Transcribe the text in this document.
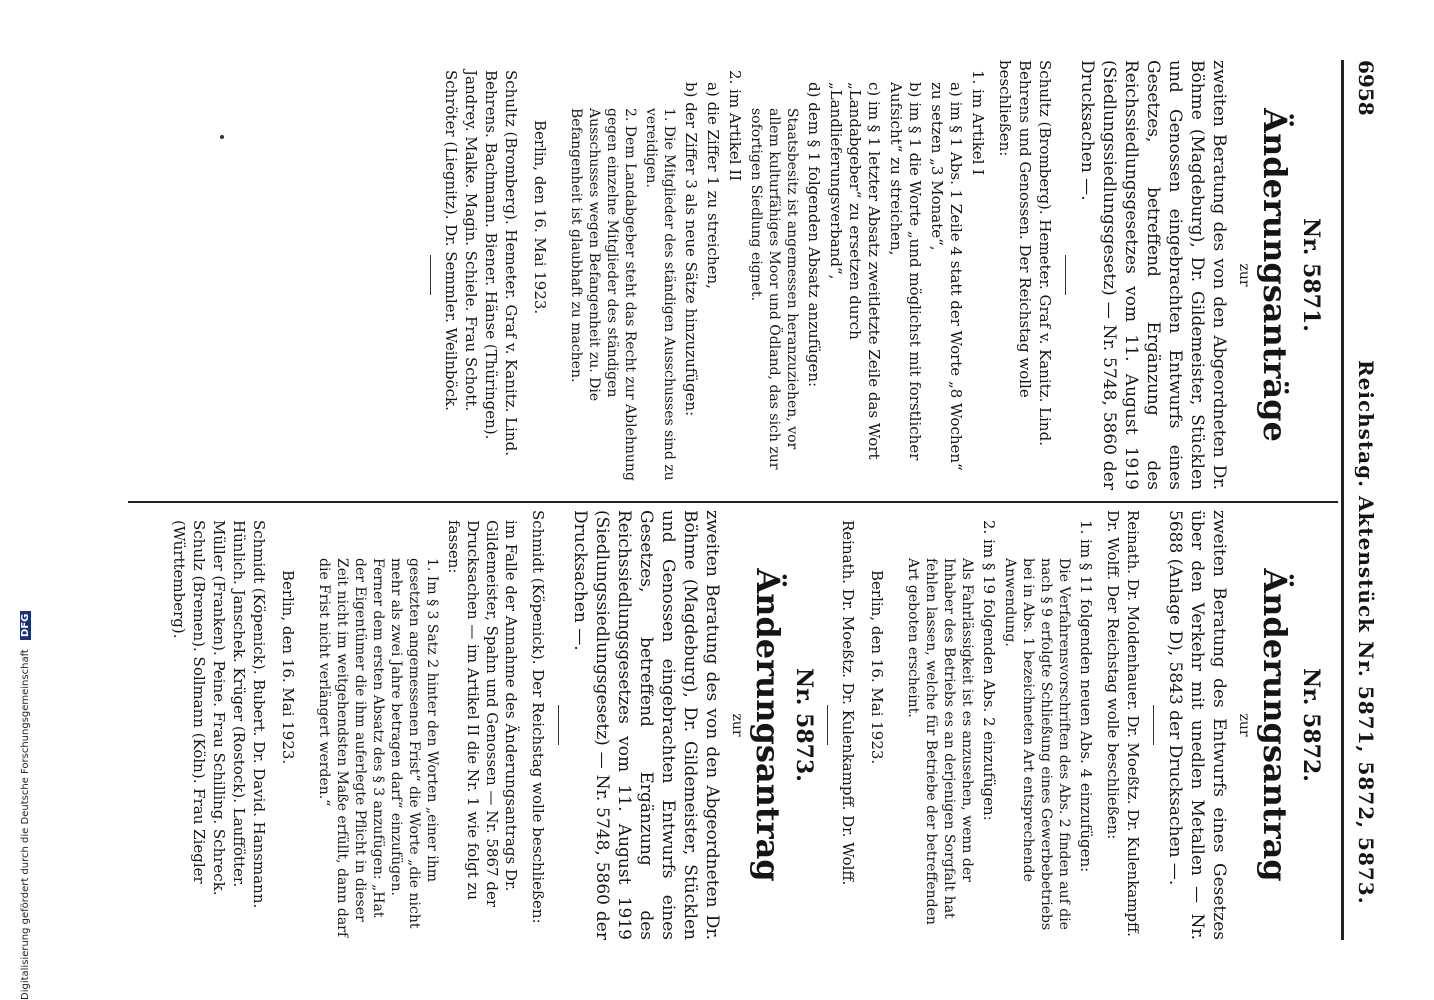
6958
Reichstag. Aktenstück Nr. 5871, 5872, 5873.
Nr. 5871.
Änderungsanträge
zur

zweiten Beratung des von den Abgeordneten Dr. Böhme (Magdeburg), Dr. Gildemeister, Stücklen und Genossen eingebrachten Entwurfs eines Gesetzes, betreffend Ergänzung des Reichssiedlungsgesetzes vom 11. August 1919 (Siedlungssiedlungsgesetz) — Nr. 5748, 5860 der Drucksachen —.

Schultz (Bromberg). Hemeter. Graf v. Kanitz. Lind. Behrens und Genossen. Der Reichstag wolle beschließen:

1. im Artikel I
a) im § 1 Abs. 1 Zeile 4 statt der Worte „8 Wochen“ zu setzen „3 Monate“,
b) im § 1 die Worte „und möglichst mit forstlicher Aufsicht“ zu streichen,
c) im § 1 letzter Absatz zweitletzte Zeile das Wort „Landabgeber“ zu ersetzen durch „Landlieferungsverband“,
d) dem § 1 folgenden Absatz anzufügen:
Staatsbesitz ist angemessen heranzuziehen, vor allem kulturfähiges Moor und Ödland, das sich zur sofortigen Siedlung eignet.
2. im Artikel II
a) die Ziffer 1 zu streichen,
b) der Ziffer 3 als neue Sätze hinzuzufügen:
1. Die Mitglieder des ständigen Ausschusses sind zu vereidigen.
2. Dem Landabgeber steht das Recht zur Ablehnung gegen einzelne Mitglieder des ständigen Ausschusses wegen Befangenheit zu. Die Befangenheit ist glaubhaft zu machen.
Berlin, den 16. Mai 1923.
Schultz (Bromberg). Hemeter. Graf v. Kanitz. Lind.
Behrens. Bachmann. Biener. Hänse (Thüringen).
Jandrey. Malke. Magin. Schiele. Frau Schott.
Schröter (Liegnitz). Dr. Semmler. Weilnböck.
Nr. 5872.
Änderungsantrag
zur

zweiten Beratung des Entwurfs eines Gesetzes über den Verkehr mit unedlen Metallen — Nr. 5688 (Anlage D), 5843 der Drucksachen —.

Reinath. Dr. Moldenhauer. Dr. Moeßtz. Dr. Kulenkampff. Dr. Wolff. Der Reichstag wolle beschließen:

1. im § 11 folgenden neuen Abs. 4 einzufügen:
Die Verfahrensvorschriften des Abs. 2 finden auf die nach § 9 erfolgte Schließung eines Gewerbebetriebs bei in Abs. 1 bezeichneten Art entsprechende Anwendung.
2. im § 19 folgenden Abs. 2 einzufügen:
Als Fahrlässigkeit ist es anzusehen, wenn der Inhaber des Betriebs es an derjenigen Sorgfalt hat fehlen lassen, welche für Betriebe der betreffenden Art geboten erscheint.
Berlin, den 16. Mai 1923.
Reinath. Dr. Moeßtz. Dr. Kulenkampff. Dr. Wolff.
Nr. 5873.
Änderungsantrag
zur

zweiten Beratung des von den Abgeordneten Dr. Böhme (Magdeburg), Dr. Gildemeister, Stücklen und Genossen eingebrachten Entwurfs eines Gesetzes, betreffend Ergänzung des Reichssiedlungsgesetzes vom 11. August 1919 (Siedlungssiedlungsgesetz) — Nr. 5748, 5860 der Drucksachen —.

Schmidt (Köpenick). Der Reichstag wolle beschließen:

im Falle der Annahme des Änderungsantrags Dr. Gildemeister, Spahn und Genossen — Nr. 5867 der Drucksachen — im Artikel II die Nr. 1 wie folgt zu fassen:
1. Im § 3 Satz 2 hinter den Worten „einer ihm gesetzten angemessenen Frist“ die Worte „die nicht mehr als zwei Jahre betragen darf“ einzufügen. Ferner dem ersten Absatz des § 3 anzufügen: „Hat der Eigentümer die ihm auferlegte Pflicht in dieser Zeit nicht im weitgehendsten Maße erfüllt, dann darf die Frist nicht verlängert werden.“
Berlin, den 16. Mai 1923.
Schmidt (Köpenick). Bubert. Dr. David. Hansmann.
Hünlich. Janschek. Krüger (Rostock). Lauffötter.
Müller (Franken). Peine. Frau Schilling. Schreck.
Schulz (Bremen). Sollmann (Köln). Frau Ziegler
(Württemberg).
Digitalisierung gefördert durch die Deutsche Forschungsgemeinschaft DFG
